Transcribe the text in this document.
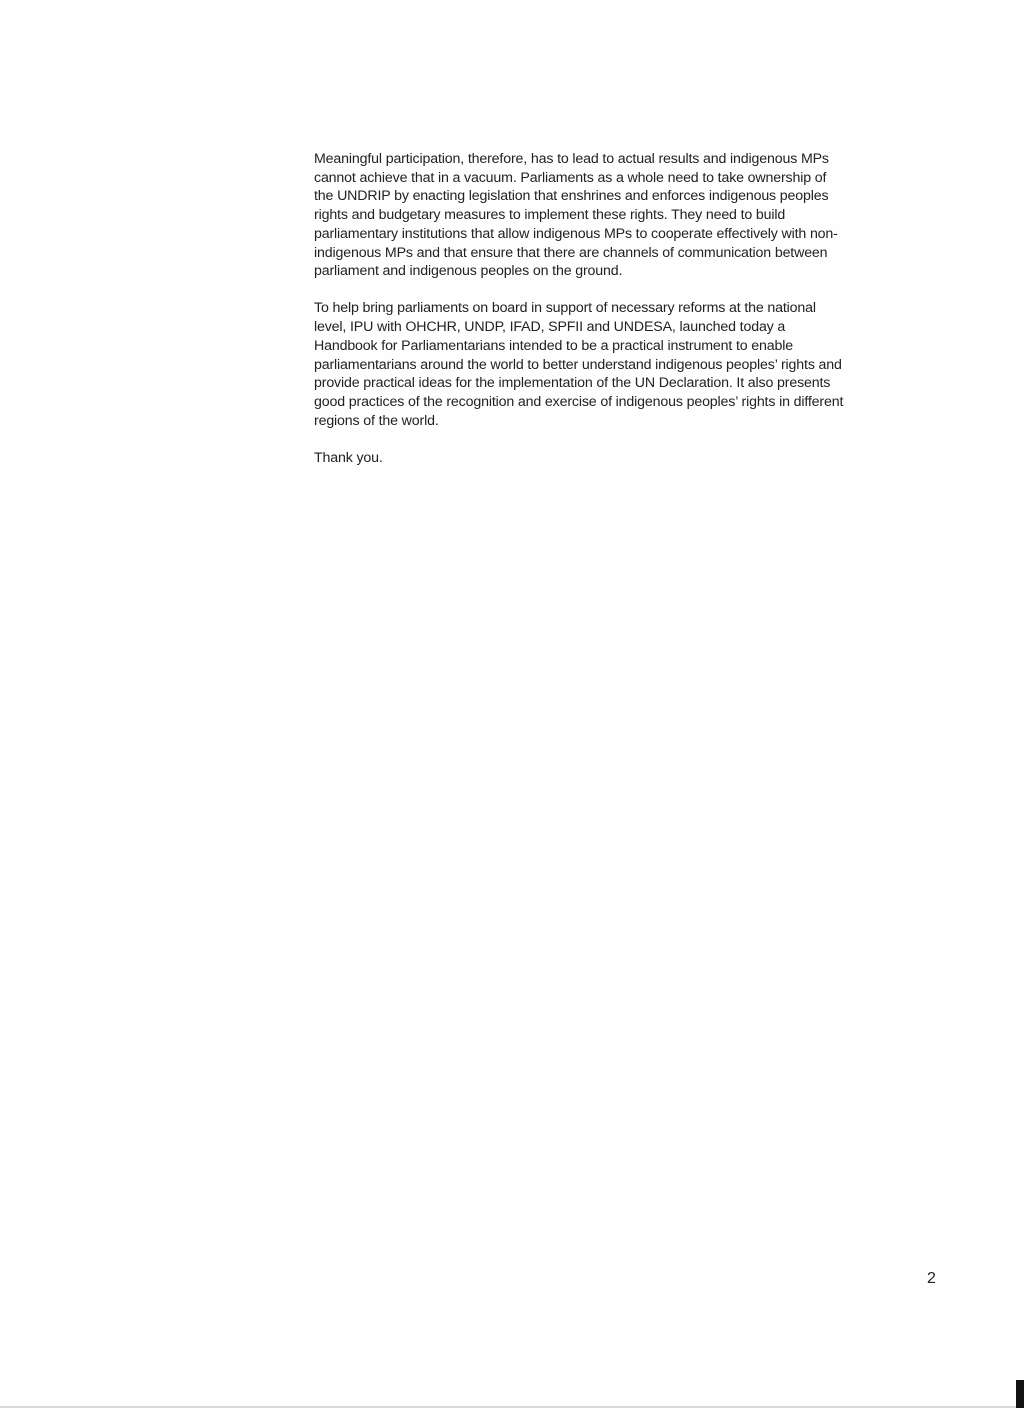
Meaningful participation, therefore, has to lead to actual results and indigenous MPs
cannot achieve that in a vacuum. Parliaments as a whole need to take ownership of
the UNDRIP by enacting legislation that enshrines and enforces indigenous peoples
rights and budgetary measures to implement these rights. They need to build
parliamentary institutions that allow indigenous MPs to cooperate effectively with non-
indigenous MPs and that ensure that there are channels of communication between
parliament and indigenous peoples on the ground.

To help bring parliaments on board in support of necessary reforms at the national
level, IPU with OHCHR, UNDP, IFAD, SPFII and UNDESA, launched today a
Handbook for Parliamentarians intended to be a practical instrument to enable
parliamentarians around the world to better understand indigenous peoples’ rights and
provide practical ideas for the implementation of the UN Declaration. It also presents
good practices of the recognition and exercise of indigenous peoples’ rights in different
regions of the world.

Thank you.

2
